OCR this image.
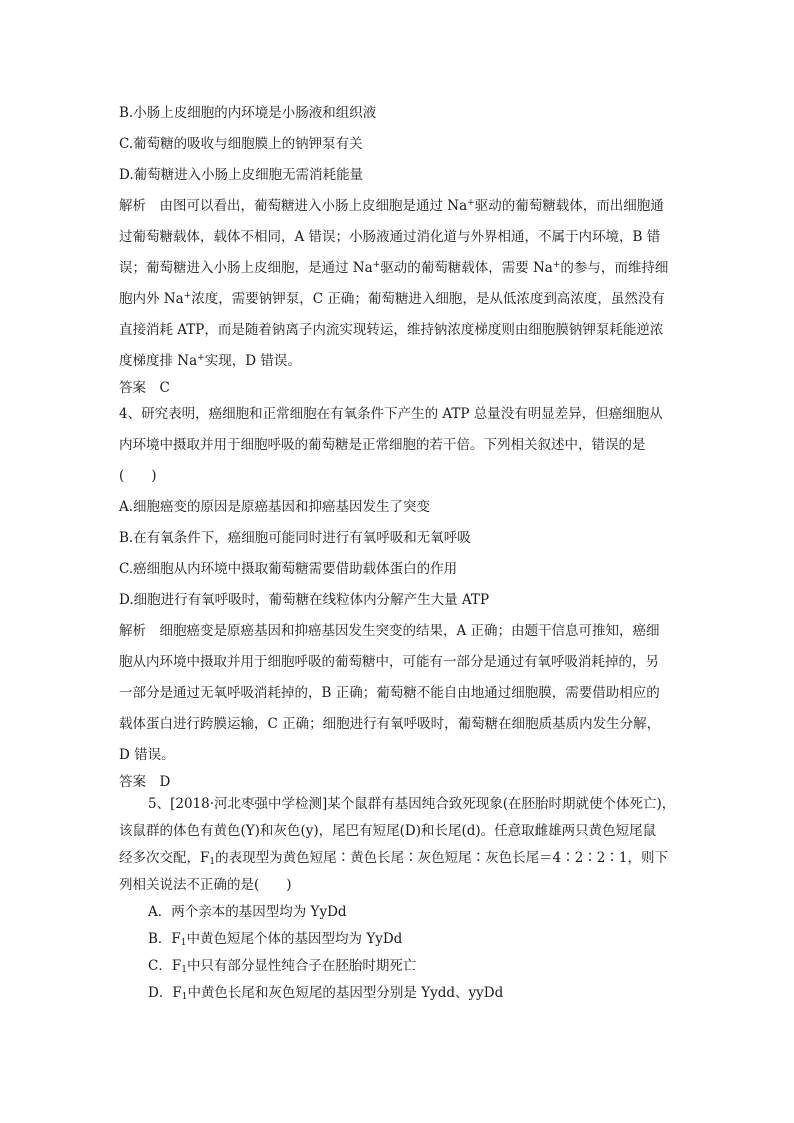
B.小肠上皮细胞的内环境是小肠液和组织液
C.葡萄糖的吸收与细胞膜上的钠钾泵有关
D.葡萄糖进入小肠上皮细胞无需消耗能量
解析　由图可以看出，葡萄糖进入小肠上皮细胞是通过 Na+驱动的葡萄糖载体，而出细胞通
过葡萄糖载体，载体不相同，A 错误；小肠液通过消化道与外界相通，不属于内环境，B 错
误；葡萄糖进入小肠上皮细胞，是通过 Na+驱动的葡萄糖载体，需要 Na+的参与，而维持细
胞内外 Na+浓度，需要钠钾泵，C 正确；葡萄糖进入细胞，是从低浓度到高浓度，虽然没有
直接消耗 ATP，而是随着钠离子内流实现转运，维持钠浓度梯度则由细胞膜钠钾泵耗能逆浓
度梯度排 Na+实现，D 错误。
答案　C
4、研究表明，癌细胞和正常细胞在有氧条件下产生的 ATP 总量没有明显差异，但癌细胞从
内环境中摄取并用于细胞呼吸的葡萄糖是正常细胞的若干倍。下列相关叙述中，错误的是
(　　)
A.细胞癌变的原因是原癌基因和抑癌基因发生了突变
B.在有氧条件下，癌细胞可能同时进行有氧呼吸和无氧呼吸
C.癌细胞从内环境中摄取葡萄糖需要借助载体蛋白的作用
D.细胞进行有氧呼吸时，葡萄糖在线粒体内分解产生大量 ATP
解析　细胞癌变是原癌基因和抑癌基因发生突变的结果，A 正确；由题干信息可推知，癌细
胞从内环境中摄取并用于细胞呼吸的葡萄糖中，可能有一部分是通过有氧呼吸消耗掉的，另
一部分是通过无氧呼吸消耗掉的，B 正确；葡萄糖不能自由地通过细胞膜，需要借助相应的
载体蛋白进行跨膜运输，C 正确；细胞进行有氧呼吸时，葡萄糖在细胞质基质内发生分解，
D 错误。
答案　D
5、[2018·河北枣强中学检测]某个鼠群有基因纯合致死现象(在胚胎时期就使个体死亡)，
该鼠群的体色有黄色(Y)和灰色(y)，尾巴有短尾(D)和长尾(d)。任意取雌雄两只黄色短尾鼠
经多次交配，$F_1$的表现型为黄色短尾∶黄色长尾∶灰色短尾∶灰色长尾＝4∶2∶2∶1，则下
列相关说法不正确的是(　　)
A．两个亲本的基因型均为 YyDd
B．$F_1$中黄色短尾个体的基因型均为 YyDd
C．$F_1$中只有部分显性纯合子在胚胎时期死亡
D．$F_1$中黄色长尾和灰色短尾的基因型分别是 Yydd、yyDd
